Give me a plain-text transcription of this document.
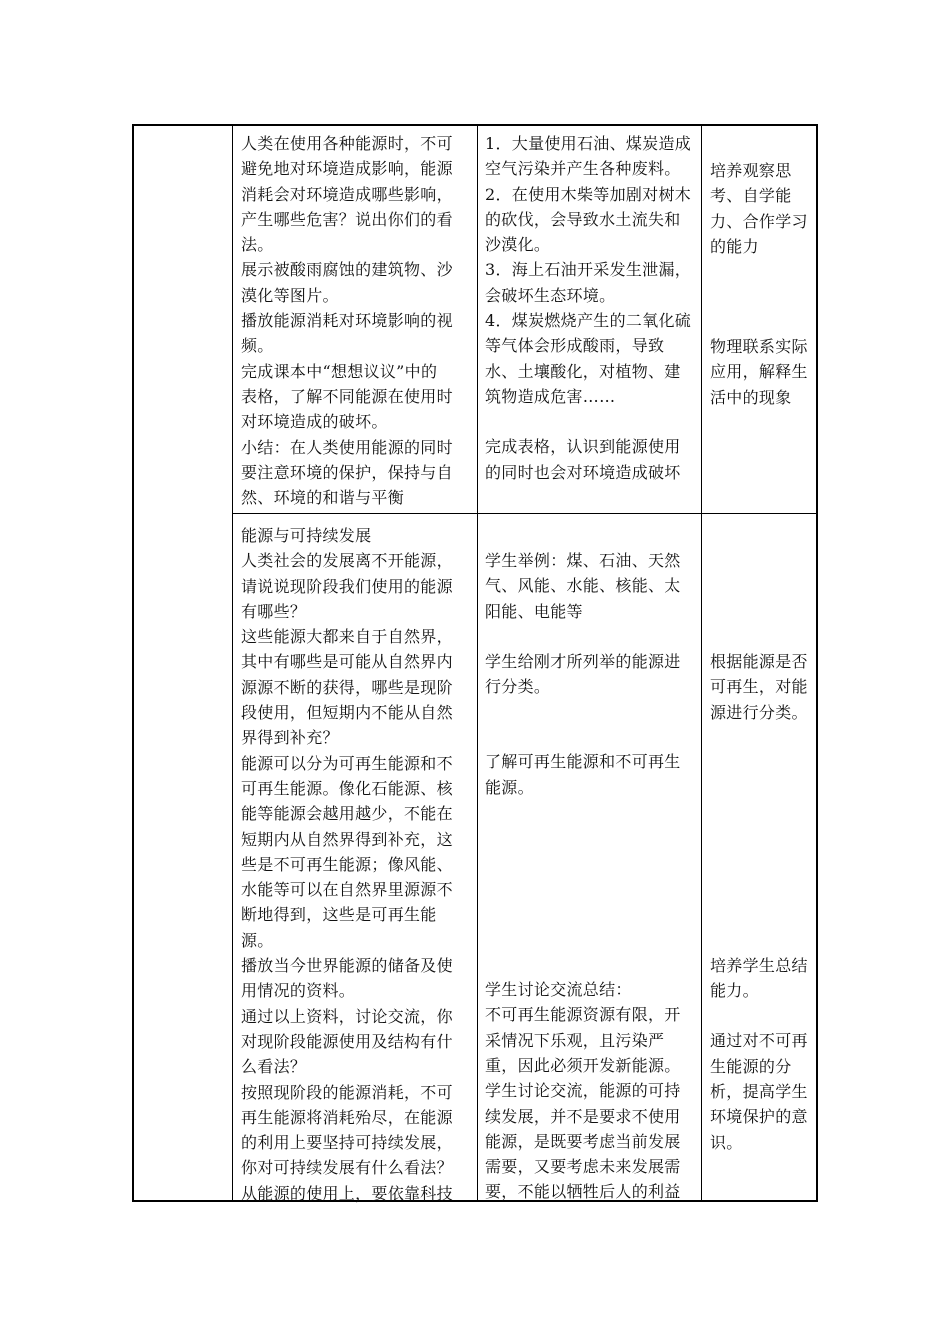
人类在使用各种能源时，不可

避免地对环境造成影响，能源

消耗会对环境造成哪些影响，

产生哪些危害？说出你们的看

法。

展示被酸雨腐蚀的建筑物、沙

漠化等图片。

播放能源消耗对环境影响的视

频。

完成课本中“想想议议”中的

表格，了解不同能源在使用时

对环境造成的破坏。

小结：在人类使用能源的同时

要注意环境的保护，保持与自

然、环境的和谐与平衡

1．大量使用石油、煤炭造成

空气污染并产生各种废料。

2．在使用木柴等加剧对树木

的砍伐，会导致水土流失和

沙漠化。

3．海上石油开采发生泄漏，

会破坏生态环境。

4．煤炭燃烧产生的二氧化硫

等气体会形成酸雨，导致

水、土壤酸化，对植物、建

筑物造成危害……

完成表格，认识到能源使用

的同时也会对环境造成破坏

培养观察思

考、自学能

力、合作学习

的能力

物理联系实际

应用，解释生

活中的现象

能源与可持续发展

人类社会的发展离不开能源，

请说说现阶段我们使用的能源

有哪些？

这些能源大都来自于自然界，

其中有哪些是可能从自然界内

源源不断的获得，哪些是现阶

段使用，但短期内不能从自然

界得到补充？

能源可以分为可再生能源和不

可再生能源。像化石能源、核

能等能源会越用越少，不能在

短期内从自然界得到补充，这

些是不可再生能源；像风能、

水能等可以在自然界里源源不

断地得到，这些是可再生能

源。

播放当今世界能源的储备及使

用情况的资料。

通过以上资料，讨论交流，你

对现阶段能源使用及结构有什

么看法？

按照现阶段的能源消耗，不可

再生能源将消耗殆尽，在能源

的利用上要坚持可持续发展，

你对可持续发展有什么看法？

从能源的使用上，要依靠科技

学生举例：煤、石油、天然

气、风能、水能、核能、太

阳能、电能等

学生给刚才所列举的能源进

行分类。

了解可再生能源和不可再生

能源。

学生讨论交流总结：

不可再生能源资源有限，开

采情况下乐观，且污染严

重，因此必须开发新能源。

学生讨论交流，能源的可持

续发展，并不是要求不使用

能源，是既要考虑当前发展

需要，又要考虑未来发展需

要，不能以牺牲后人的利益

根据能源是否

可再生，对能

源进行分类。

培养学生总结

能力。

通过对不可再

生能源的分

析，提高学生

环境保护的意

识。
